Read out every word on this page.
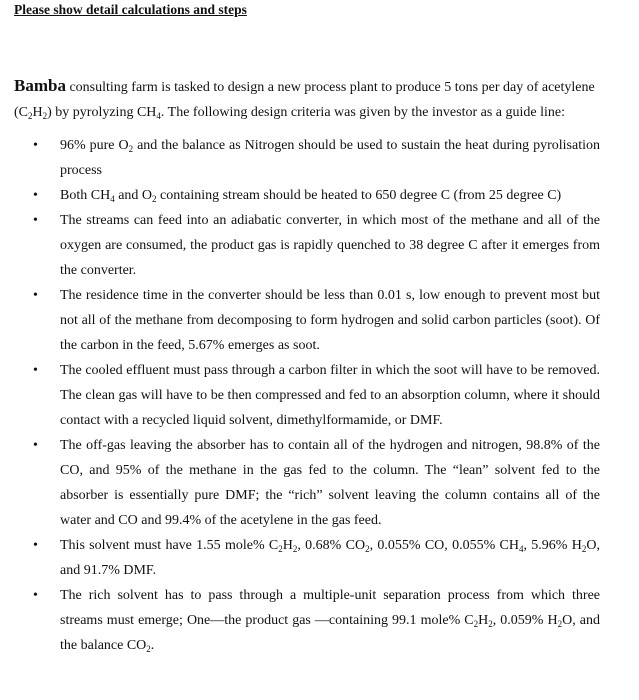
Please show detail calculations and steps
Bamba consulting farm is tasked to design a new process plant to produce 5 tons per day of acetylene $(C_2H_2)$ by pyrolyzing $CH_4$. The following design criteria was given by the investor as a guide line:
• 96% pure $O_2$ and the balance as Nitrogen should be used to sustain the heat during pyrolisation process
• Both $CH_4$ and $O_2$ containing stream should be heated to 650 degree C (from 25 degree C)
• The streams can feed into an adiabatic converter, in which most of the methane and all of the oxygen are consumed, the product gas is rapidly quenched to 38 degree C after it emerges from the converter.
• The residence time in the converter should be less than 0.01 s, low enough to prevent most but not all of the methane from decomposing to form hydrogen and solid carbon particles (soot). Of the carbon in the feed, 5.67% emerges as soot.
• The cooled effluent must pass through a carbon filter in which the soot will have to be removed. The clean gas will have to be then compressed and fed to an absorption column, where it should contact with a recycled liquid solvent, dimethylformamide, or DMF.
• The off-gas leaving the absorber has to contain all of the hydrogen and nitrogen, 98.8% of the CO, and 95% of the methane in the gas fed to the column. The “lean” solvent fed to the absorber is essentially pure DMF; the “rich” solvent leaving the column contains all of the water and CO and 99.4% of the acetylene in the gas feed.
• This solvent must have 1.55 mole% $C_2H_2$, 0.68% $CO_2$, 0.055% CO, 0.055% $CH_4$, 5.96% $H_2O$, and 91.7% DMF.
• The rich solvent has to pass through a multiple-unit separation process from which three streams must emerge; One—the product gas —containing 99.1 mole% $C_2H_2$, 0.059% $H_2O$, and the balance $CO_2$.
